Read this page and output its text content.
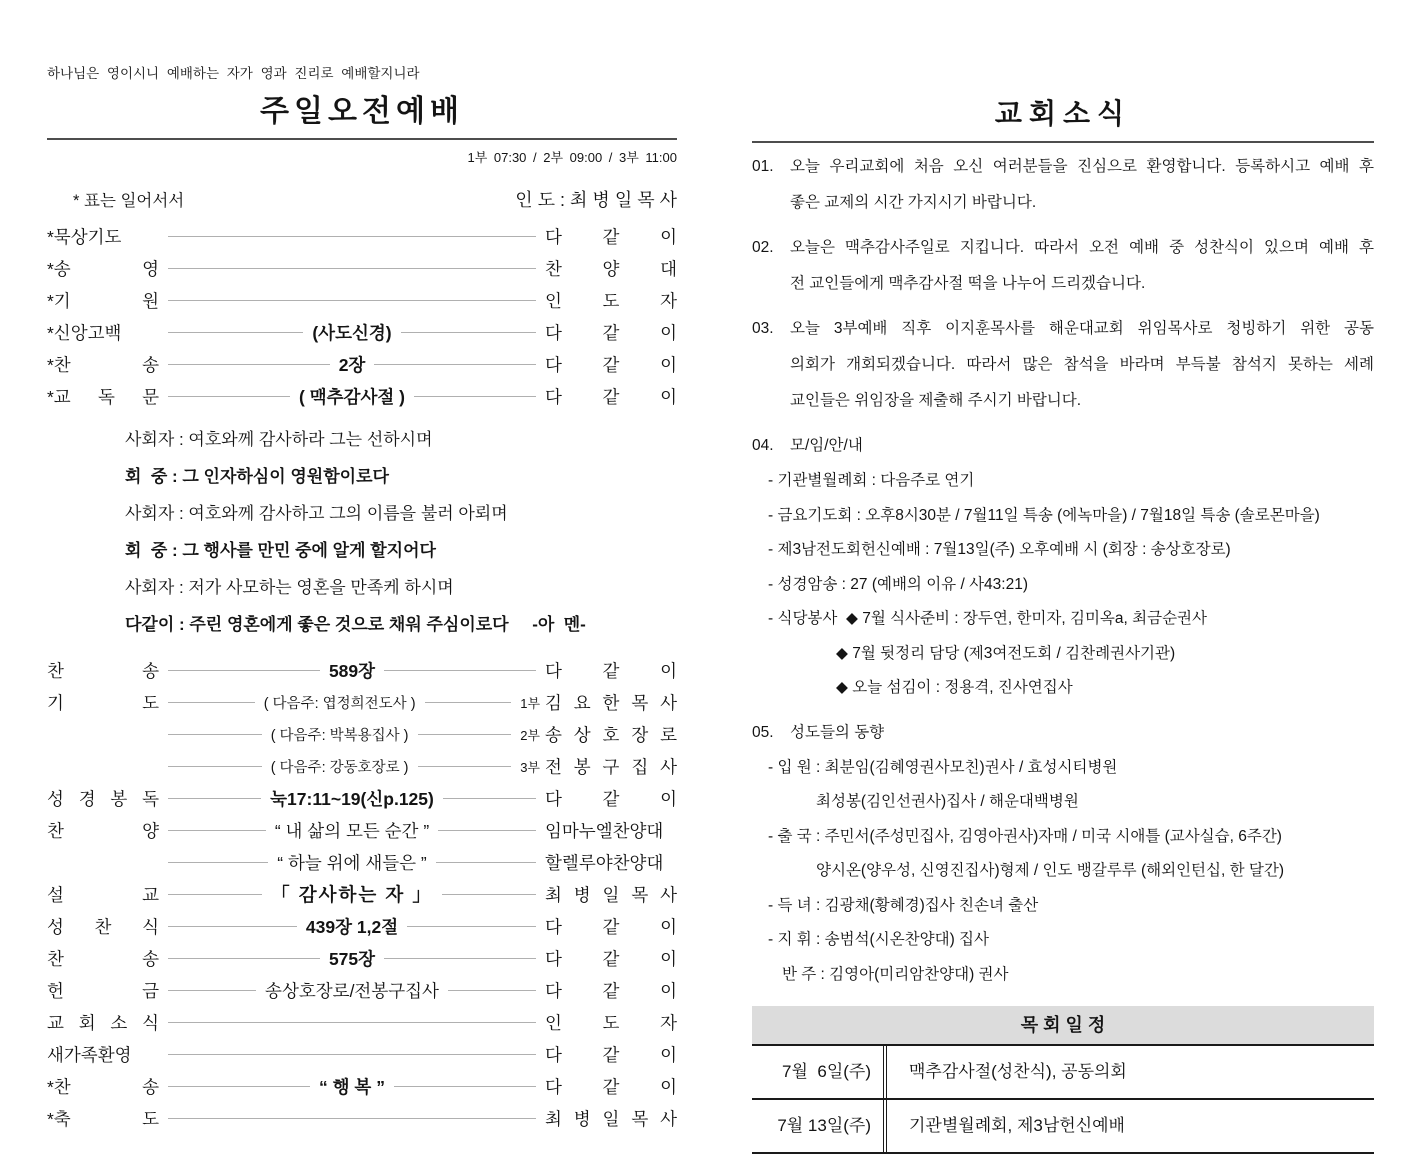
하나님은 영이시니 예배하는 자가 영과 진리로 예배할지니라
주일오전예배
1부 07:30 / 2부 09:00 / 3부 11:00
* 표는 일어서서	인 도 : 최 병 일 목 사
*묵상기도	다 같 이
*송 영	찬 양 대
*기 원	인 도 자
*신앙고백	(사도신경)	다 같 이
*찬 송	2장	다 같 이
*교 독 문	( 맥추감사절 )	다 같 이
사회자 : 여호와께 감사하라 그는 선하시며
회  중 : 그 인자하심이 영원함이로다
사회자 : 여호와께 감사하고 그의 이름을 불러 아뢰며
회  중 : 그 행사를 만민 중에 알게 할지어다
사회자 : 저가 사모하는 영혼을 만족케 하시며
다같이 : 주린 영혼에게 좋은 것으로 채워 주심이로다     -아  멘-
찬 송	589장	다 같 이
기 도	( 다음주: 엽정희전도사 )	1부 김 요 한 목 사
( 다음주: 박복용집사 )	2부 송 상 호 장 로
( 다음주: 강동호장로 )	3부 전 봉 구 집 사
성 경 봉 독	눅17:11~19(신p.125)	다 같 이
찬 양	“ 내 삶의 모든 순간 ”	임마누엘찬양대
“ 하늘 위에 새들은 ”	할렐루야찬양대
설 교	「 감사하는 자 」	최 병 일 목 사
성 찬 식	439장 1,2절	다 같 이
찬 송	575장	다 같 이
헌 금	송상호장로/전봉구집사	다 같 이
교 회 소 식	인 도 자
새가족환영	다 같 이
*찬 송	“ 행 복 ”	다 같 이
*축 도	최 병 일 목 사
교회소식
01.	오늘 우리교회에 처음 오신 여러분들을 진심으로 환영합니다. 등록하시고 예배 후
좋은 교제의 시간 가지시기 바랍니다.
02.	오늘은 맥추감사주일로 지킵니다. 따라서 오전 예배 중 성찬식이 있으며 예배 후
전 교인들에게 맥추감사절 떡을 나누어 드리겠습니다.
03.	오늘 3부예배 직후 이지훈목사를 해운대교회 위임목사로 청빙하기 위한 공동
의회가 개회되겠습니다. 따라서 많은 참석을 바라며 부득불 참석지 못하는 세례
교인들은 위임장을 제출해 주시기 바랍니다.
04.	모/임/안/내
- 기관별월례회 : 다음주로 연기
- 금요기도회 : 오후8시30분 / 7월11일 특송 (에녹마을) / 7월18일 특송 (솔로몬마을)
- 제3남전도회헌신예배 : 7월13일(주) 오후예배 시 (회장 : 송상호장로)
- 성경암송 : 27 (예배의 이유 / 사43:21)
- 식당봉사  ◆ 7월 식사준비 : 장두연, 한미자, 김미옥a, 최금순권사
◆ 7월 뒷정리 담당 (제3여전도회 / 김찬례권사기관)
◆ 오늘 섬김이 : 정용격, 진사연집사
05.	성도들의 동향
- 입 원 : 최분임(김혜영권사모친)권사 / 효성시티병원
최성봉(김인선권사)집사 / 해운대백병원
- 출 국 : 주민서(주성민집사, 김영아권사)자매 / 미국 시애틀 (교사실습, 6주간)
양시온(양우성, 신영진집사)형제 / 인도 뱅갈루루 (해외인턴십, 한 달간)
- 득 녀 : 김광채(황혜경)집사 친손녀 출산
- 지 휘 : 송범석(시온찬양대) 집사
반 주 : 김영아(미리암찬양대) 권사
목 회 일 정
7월  6일(주)	맥추감사절(성찬식), 공동의회
7월 13일(주)	기관별월례회, 제3남헌신예배
